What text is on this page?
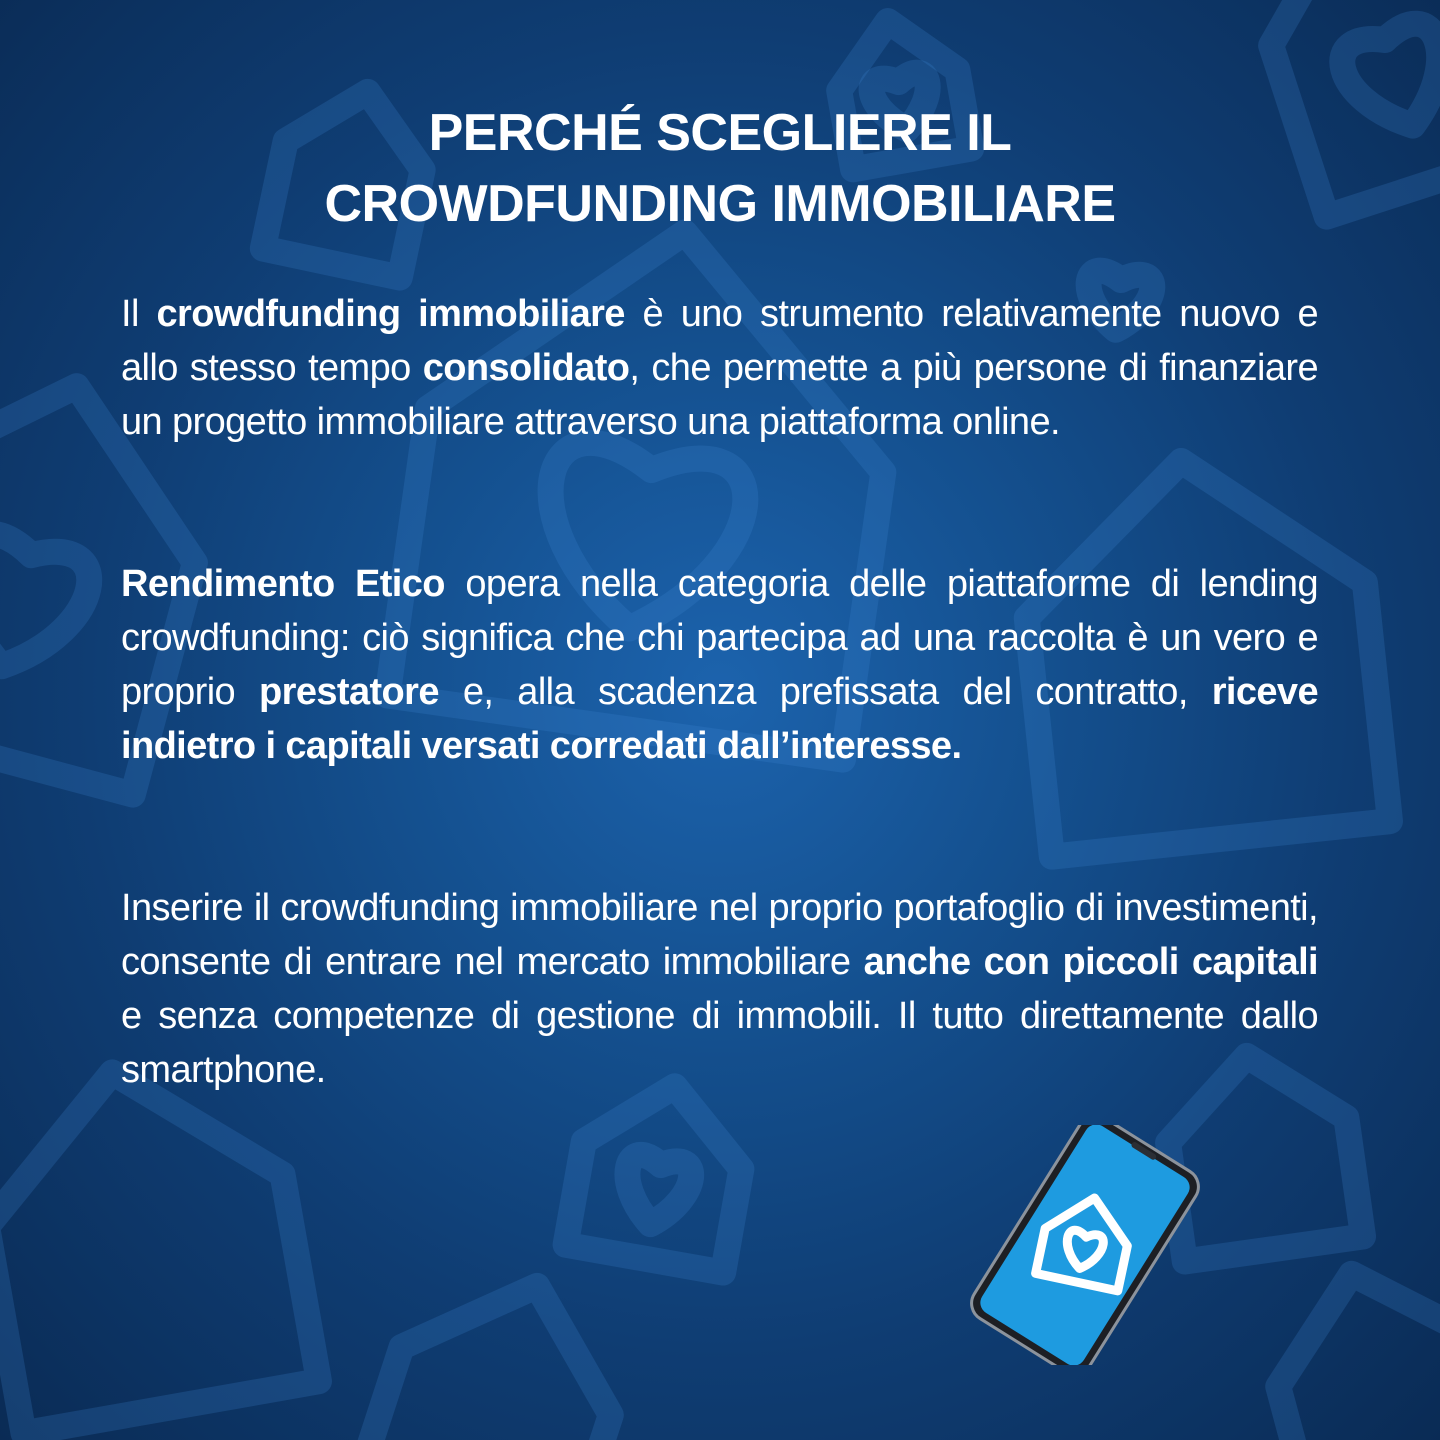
PERCHÉ SCEGLIERE IL
CROWDFUNDING IMMOBILIARE

Il crowdfunding immobiliare è uno strumento relativamente nuovo e allo stesso tempo consolidato, che permette a più persone di finanziare un progetto immobiliare attraverso una piattaforma online.

Rendimento Etico opera nella categoria delle piattaforme di lending crowdfunding: ciò significa che chi partecipa ad una raccolta è un vero e proprio prestatore e, alla scadenza prefissata del contratto, riceve indietro i capitali versati corredati dall’interesse.

Inserire il crowdfunding immobiliare nel proprio portafoglio di investimenti, consente di entrare nel mercato immobiliare anche con piccoli capitali e senza competenze di gestione di immobili. Il tutto direttamente dallo smartphone.
